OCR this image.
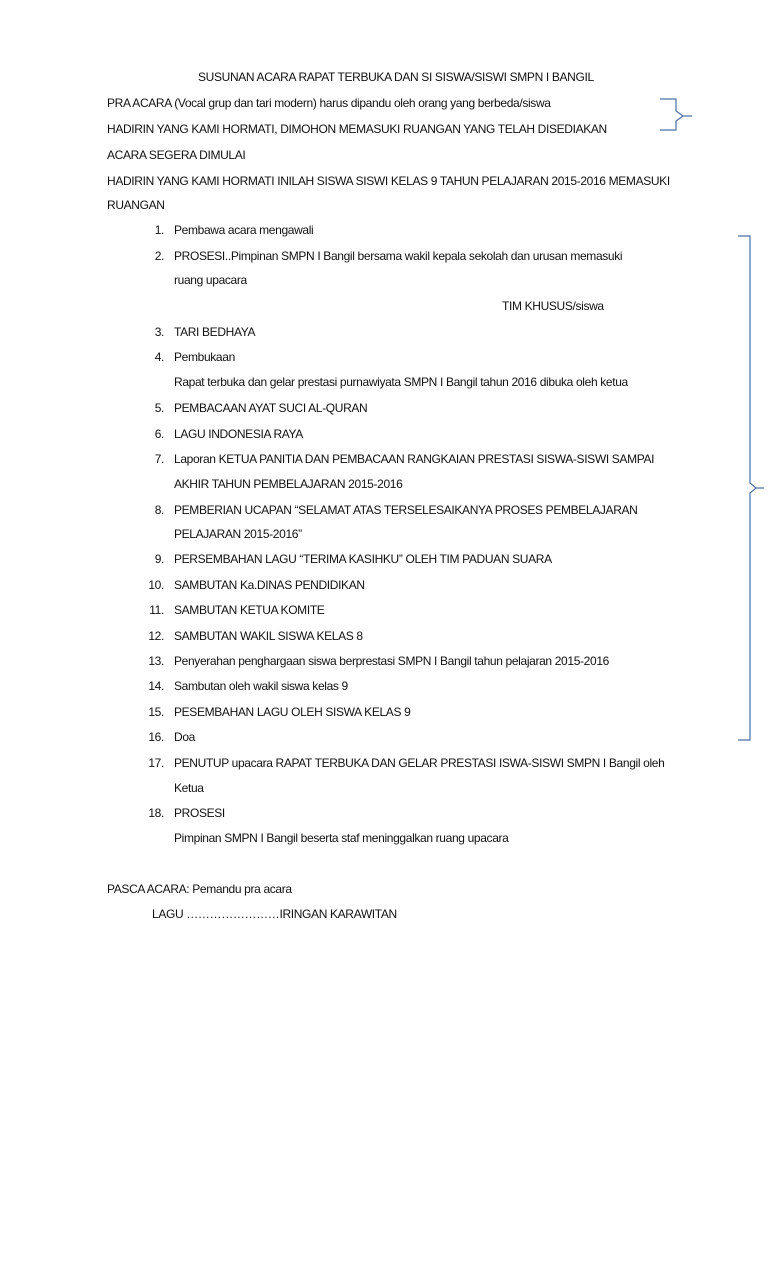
SUSUNAN ACARA RAPAT TERBUKA DAN SI SISWA/SISWI SMPN I BANGIL
PRA ACARA (Vocal grup dan tari modern) harus dipandu oleh orang yang berbeda/siswa
HADIRIN YANG KAMI HORMATI, DIMOHON MEMASUKI RUANGAN YANG TELAH DISEDIAKAN
ACARA SEGERA DIMULAI
HADIRIN YANG KAMI HORMATI INILAH SISWA SISWI KELAS 9 TAHUN PELAJARAN 2015-2016 MEMASUKI
RUANGAN
1. Pembawa acara mengawali
2. PROSESI..Pimpinan SMPN I Bangil bersama wakil kepala sekolah dan urusan memasuki
ruang upacara
TIM KHUSUS/siswa
3. TARI BEDHAYA
4. Pembukaan
Rapat terbuka dan gelar prestasi purnawiyata SMPN I Bangil tahun 2016 dibuka oleh ketua
5. PEMBACAAN AYAT SUCI AL-QURAN
6. LAGU INDONESIA RAYA
7. Laporan KETUA PANITIA DAN PEMBACAAN RANGKAIAN PRESTASI SISWA-SISWI SAMPAI
AKHIR TAHUN PEMBELAJARAN 2015-2016
8. PEMBERIAN UCAPAN “SELAMAT ATAS TERSELESAIKANYA PROSES PEMBELAJARAN
PELAJARAN 2015-2016”
9. PERSEMBAHAN LAGU “TERIMA KASIHKU” OLEH TIM PADUAN SUARA
10. SAMBUTAN Ka.DINAS PENDIDIKAN
11. SAMBUTAN KETUA KOMITE
12. SAMBUTAN WAKIL SISWA KELAS 8
13. Penyerahan penghargaan siswa berprestasi SMPN I Bangil tahun pelajaran 2015-2016
14. Sambutan oleh wakil siswa kelas 9
15. PESEMBAHAN LAGU OLEH SISWA KELAS 9
16. Doa
17. PENUTUP upacara RAPAT TERBUKA DAN GELAR PRESTASI ISWA-SISWI SMPN I Bangil oleh
Ketua
18. PROSESI
Pimpinan SMPN I Bangil beserta staf meninggalkan ruang upacara
PASCA ACARA: Pemandu pra acara
LAGU ……………………IRINGAN KARAWITAN
